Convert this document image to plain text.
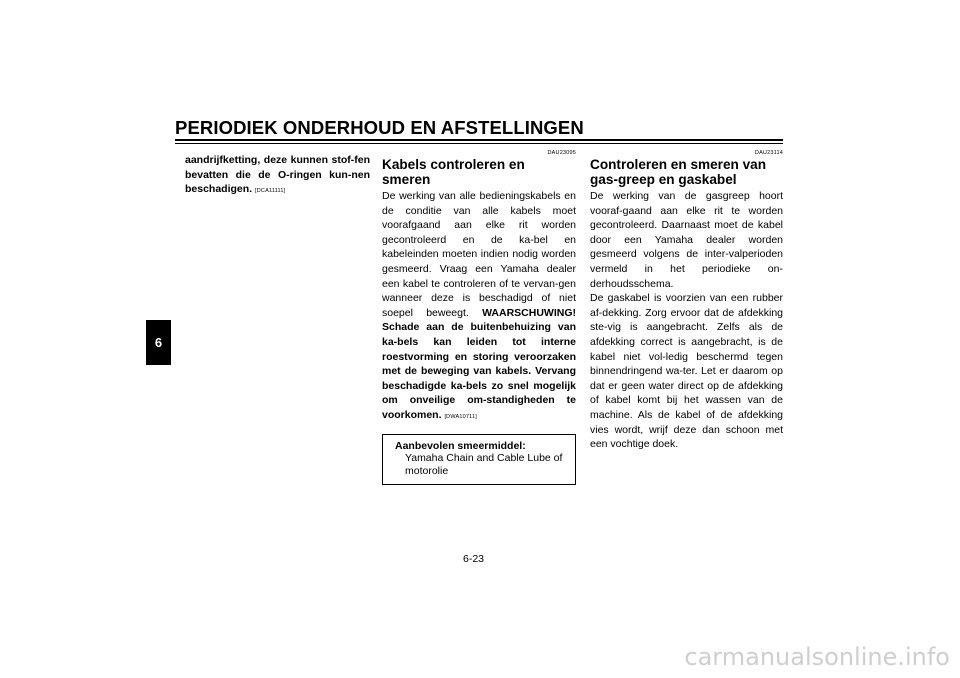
PERIODIEK ONDERHOUD EN AFSTELLINGEN
6

aandrijfketting, deze kunnen stof-fen bevatten die de O-ringen kun-nen beschadigen. [DCA11111]

DAU23095
Kabels controleren en smeren

De werking van alle bedieningskabels en de conditie van alle kabels moet voorafgaand aan elke rit worden gecontroleerd en de ka-bel en kabeleinden moeten indien nodig worden gesmeerd. Vraag een Yamaha dealer een kabel te controleren of te vervan-gen wanneer deze is beschadigd of niet soepel beweegt. WAARSCHUWING! Schade aan de buitenbehuizing van ka-bels kan leiden tot interne roestvorming en storing veroorzaken met de beweging van kabels. Vervang beschadigde ka-bels zo snel mogelijk om onveilige om-standigheden te voorkomen. [DWA10711]

Aanbevolen smeermiddel:
Yamaha Chain and Cable Lube of motorolie
DAU23114
Controleren en smeren van gas-greep en gaskabel

De werking van de gasgreep hoort vooraf-gaand aan elke rit te worden gecontroleerd. Daarnaast moet de kabel door een Yamaha dealer worden gesmeerd volgens de inter-valperioden vermeld in het periodieke on-derhoudsschema.

De gaskabel is voorzien van een rubber af-dekking. Zorg ervoor dat de afdekking ste-vig is aangebracht. Zelfs als de afdekking correct is aangebracht, is de kabel niet vol-ledig beschermd tegen binnendringend wa-ter. Let er daarom op dat er geen water direct op de afdekking of kabel komt bij het wassen van de machine. Als de kabel of de afdekking vies wordt, wrijf deze dan schoon met een vochtige doek.

6-23
carmanualsonline.info
